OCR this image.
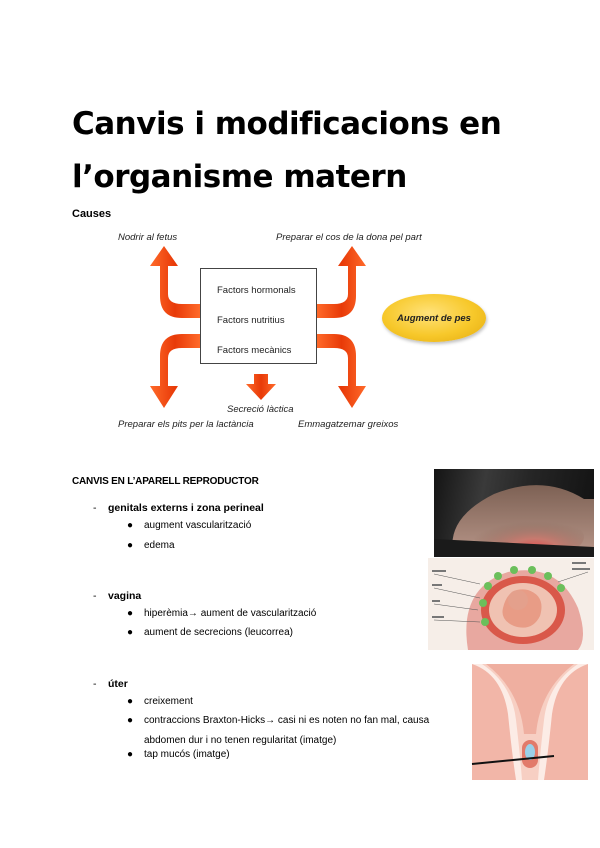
Canvis i modificacions en l’organisme matern
Causes
Nodrir al fetus	Preparar el cos de la dona pel part
Factors hormonals
Factors nutritius
Factors mecànics
Augment de pes
Secreció làctica
Preparar els pits per la lactància	Emmagatzemar greixos
CANVIS EN L’APARELL REPRODUCTOR
- genitals externs i zona perineal
● augment vascularització
● edema
- vagina
● hiperèmia→ aument de vascularització
● aument de secrecions (leucorrea)
- úter
● creixement
● contraccions Braxton-Hicks→ casi ni es noten no fan mal, causa abdomen dur i no tenen regularitat (imatge)
● tap mucós (imatge)
